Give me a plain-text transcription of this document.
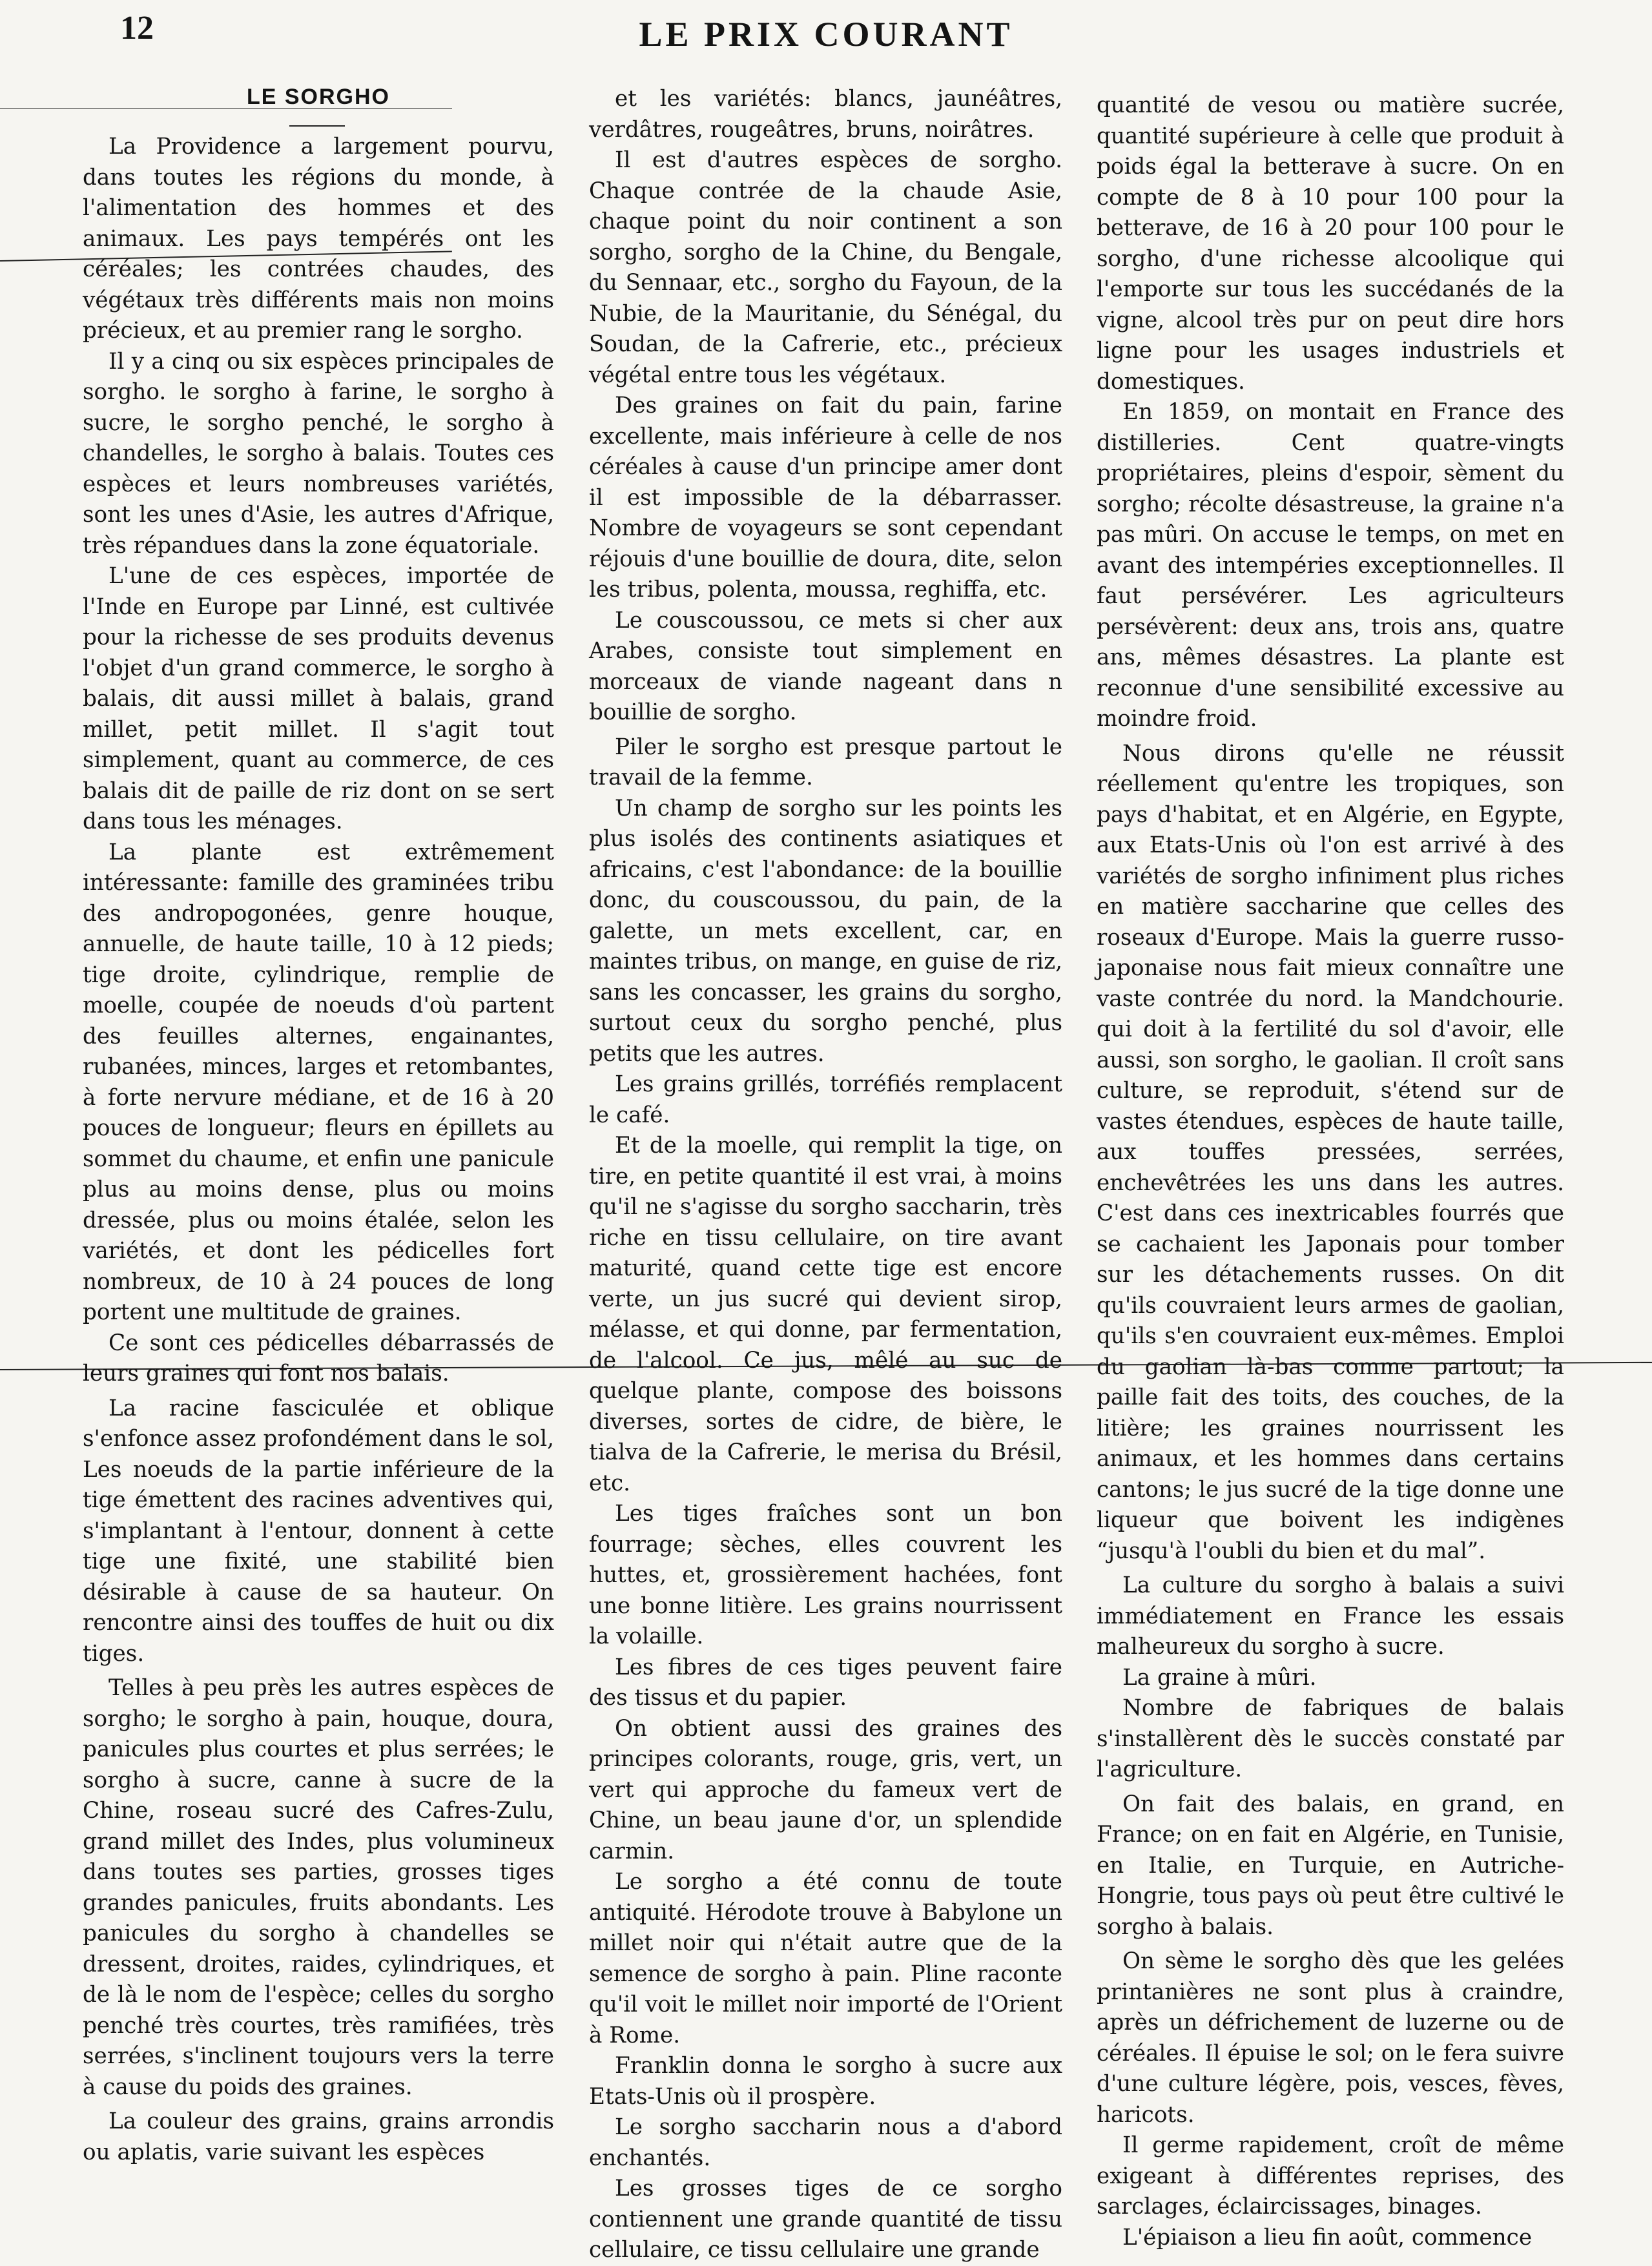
12	LE PRIX COURANT
LE SORGHO

La Providence a largement pourvu, dans toutes les régions du monde, à l'alimentation des hommes et des animaux. Les pays tempérés ont les céréales; les contrées chaudes, des végétaux très différents mais non moins précieux, et au premier rang le sorgho.

Il y a cinq ou six espèces principales de sorgho. le sorgho à farine, le sorgho à sucre, le sorgho penché, le sorgho à chandelles, le sorgho à balais. Toutes ces espèces et leurs nombreuses variétés, sont les unes d'Asie, les autres d'Afrique, très répandues dans la zone équatoriale.

L'une de ces espèces, importée de l'Inde en Europe par Linné, est cultivée pour la richesse de ses produits devenus l'objet d'un grand commerce, le sorgho à balais, dit aussi millet à balais, grand millet, petit millet. Il s'agit tout simplement, quant au commerce, de ces balais dit de paille de riz dont on se sert dans tous les ménages.

La plante est extrêmement intéressante: famille des graminées tribu des andropogonées, genre houque, annuelle, de haute taille, 10 à 12 pieds; tige droite, cylindrique, remplie de moelle, coupée de noeuds d'où partent des feuilles alternes, engainantes, rubanées, minces, larges et retombantes, à forte nervure médiane, et de 16 à 20 pouces de longueur; fleurs en épillets au sommet du chaume, et enfin une panicule plus au moins dense, plus ou moins dressée, plus ou moins étalée, selon les variétés, et dont les pédicelles fort nombreux, de 10 à 24 pouces de long portent une multitude de graines.

Ce sont ces pédicelles débarrassés de leurs graines qui font nos balais.

La racine fasciculée et oblique s'enfonce assez profondément dans le sol, Les noeuds de la partie inférieure de la tige émettent des racines adventives qui, s'implantant à l'entour, donnent à cette tige une fixité, une stabilité bien désirable à cause de sa hauteur. On rencontre ainsi des touffes de huit ou dix tiges.

Telles à peu près les autres espèces de sorgho; le sorgho à pain, houque, doura, panicules plus courtes et plus serrées; le sorgho à sucre, canne à sucre de la Chine, roseau sucré des Cafres-Zulu, grand millet des Indes, plus volumineux dans toutes ses parties, grosses tiges grandes panicules, fruits abondants. Les panicules du sorgho à chandelles se dressent, droites, raides, cylindriques, et de là le nom de l'espèce; celles du sorgho penché très courtes, très ramifiées, très serrées, s'inclinent toujours vers la terre à cause du poids des graines.

La couleur des grains, grains arrondis ou aplatis, varie suivant les espèces

et les variétés: blancs, jaunéâtres, verdâtres, rougeâtres, bruns, noirâtres.

Il est d'autres espèces de sorgho. Chaque contrée de la chaude Asie, chaque point du noir continent a son sorgho, sorgho de la Chine, du Bengale, du Sennaar, etc., sorgho du Fayoun, de la Nubie, de la Mauritanie, du Sénégal, du Soudan, de la Cafrerie, etc., précieux végétal entre tous les végétaux.

Des graines on fait du pain, farine excellente, mais inférieure à celle de nos céréales à cause d'un principe amer dont il est impossible de la débarrasser. Nombre de voyageurs se sont cependant réjouis d'une bouillie de doura, dite, selon les tribus, polenta, moussa, reghiffa, etc.

Le couscoussou, ce mets si cher aux Arabes, consiste tout simplement en morceaux de viande nageant dans n bouillie de sorgho.

Piler le sorgho est presque partout le travail de la femme.

Un champ de sorgho sur les points les plus isolés des continents asiatiques et africains, c'est l'abondance: de la bouillie donc, du couscoussou, du pain, de la galette, un mets excellent, car, en maintes tribus, on mange, en guise de riz, sans les concasser, les grains du sorgho, surtout ceux du sorgho penché, plus petits que les autres.

Les grains grillés, torréfiés remplacent le café.

Et de la moelle, qui remplit la tige, on tire, en petite quantité il est vrai, à moins qu'il ne s'agisse du sorgho saccharin, très riche en tissu cellulaire, on tire avant maturité, quand cette tige est encore verte, un jus sucré qui devient sirop, mélasse, et qui donne, par fermentation, de l'alcool. Ce jus, mêlé au suc de quelque plante, compose des boissons diverses, sortes de cidre, de bière, le tialva de la Cafrerie, le merisa du Brésil, etc.

Les tiges fraîches sont un bon fourrage; sèches, elles couvrent les huttes, et, grossièrement hachées, font une bonne litière. Les grains nourrissent la volaille.

Les fibres de ces tiges peuvent faire des tissus et du papier.

On obtient aussi des graines des principes colorants, rouge, gris, vert, un vert qui approche du fameux vert de Chine, un beau jaune d'or, un splendide carmin.

Le sorgho a été connu de toute antiquité. Hérodote trouve à Babylone un millet noir qui n'était autre que de la semence de sorgho à pain. Pline raconte qu'il voit le millet noir importé de l'Orient à Rome.

Franklin donna le sorgho à sucre aux Etats-Unis où il prospère.

Le sorgho saccharin nous a d'abord enchantés.

Les grosses tiges de ce sorgho contiennent une grande quantité de tissu cellulaire, ce tissu cellulaire une grande

quantité de vesou ou matière sucrée, quantité supérieure à celle que produit à poids égal la betterave à sucre. On en compte de 8 à 10 pour 100 pour la betterave, de 16 à 20 pour 100 pour le sorgho, d'une richesse alcoolique qui l'emporte sur tous les succédanés de la vigne, alcool très pur on peut dire hors ligne pour les usages industriels et domestiques.

En 1859, on montait en France des distilleries. Cent quatre-vingts propriétaires, pleins d'espoir, sèment du sorgho; récolte désastreuse, la graine n'a pas mûri. On accuse le temps, on met en avant des intempéries exceptionnelles. Il faut persévérer. Les agriculteurs persévèrent: deux ans, trois ans, quatre ans, mêmes désastres. La plante est reconnue d'une sensibilité excessive au moindre froid.

Nous dirons qu'elle ne réussit réellement qu'entre les tropiques, son pays d'habitat, et en Algérie, en Egypte, aux Etats-Unis où l'on est arrivé à des variétés de sorgho infiniment plus riches en matière saccharine que celles des roseaux d'Europe. Mais la guerre russo-japonaise nous fait mieux connaître une vaste contrée du nord. la Mandchourie. qui doit à la fertilité du sol d'avoir, elle aussi, son sorgho, le gaolian. Il croît sans culture, se reproduit, s'étend sur de vastes étendues, espèces de haute taille, aux touffes pressées, serrées, enchevêtrées les uns dans les autres. C'est dans ces inextricables fourrés que se cachaient les Japonais pour tomber sur les détachements russes. On dit qu'ils couvraient leurs armes de gaolian, qu'ils s'en couvraient eux-mêmes. Emploi du gaolian là-bas comme partout; la paille fait des toits, des couches, de la litière; les graines nourrissent les animaux, et les hommes dans certains cantons; le jus sucré de la tige donne une liqueur que boivent les indigènes “jusqu'à l'oubli du bien et du mal”.

La culture du sorgho à balais a suivi immédiatement en France les essais malheureux du sorgho à sucre.

La graine à mûri.

Nombre de fabriques de balais s'installèrent dès le succès constaté par l'agriculture.

On fait des balais, en grand, en France; on en fait en Algérie, en Tunisie, en Italie, en Turquie, en Autriche-Hongrie, tous pays où peut être cultivé le sorgho à balais.

On sème le sorgho dès que les gelées printanières ne sont plus à craindre, après un défrichement de luzerne ou de céréales. Il épuise le sol; on le fera suivre d'une culture légère, pois, vesces, fèves, haricots.

Il germe rapidement, croît de même exigeant à différentes reprises, des sarclages, éclaircissages, binages.

L'épiaison a lieu fin août, commence
